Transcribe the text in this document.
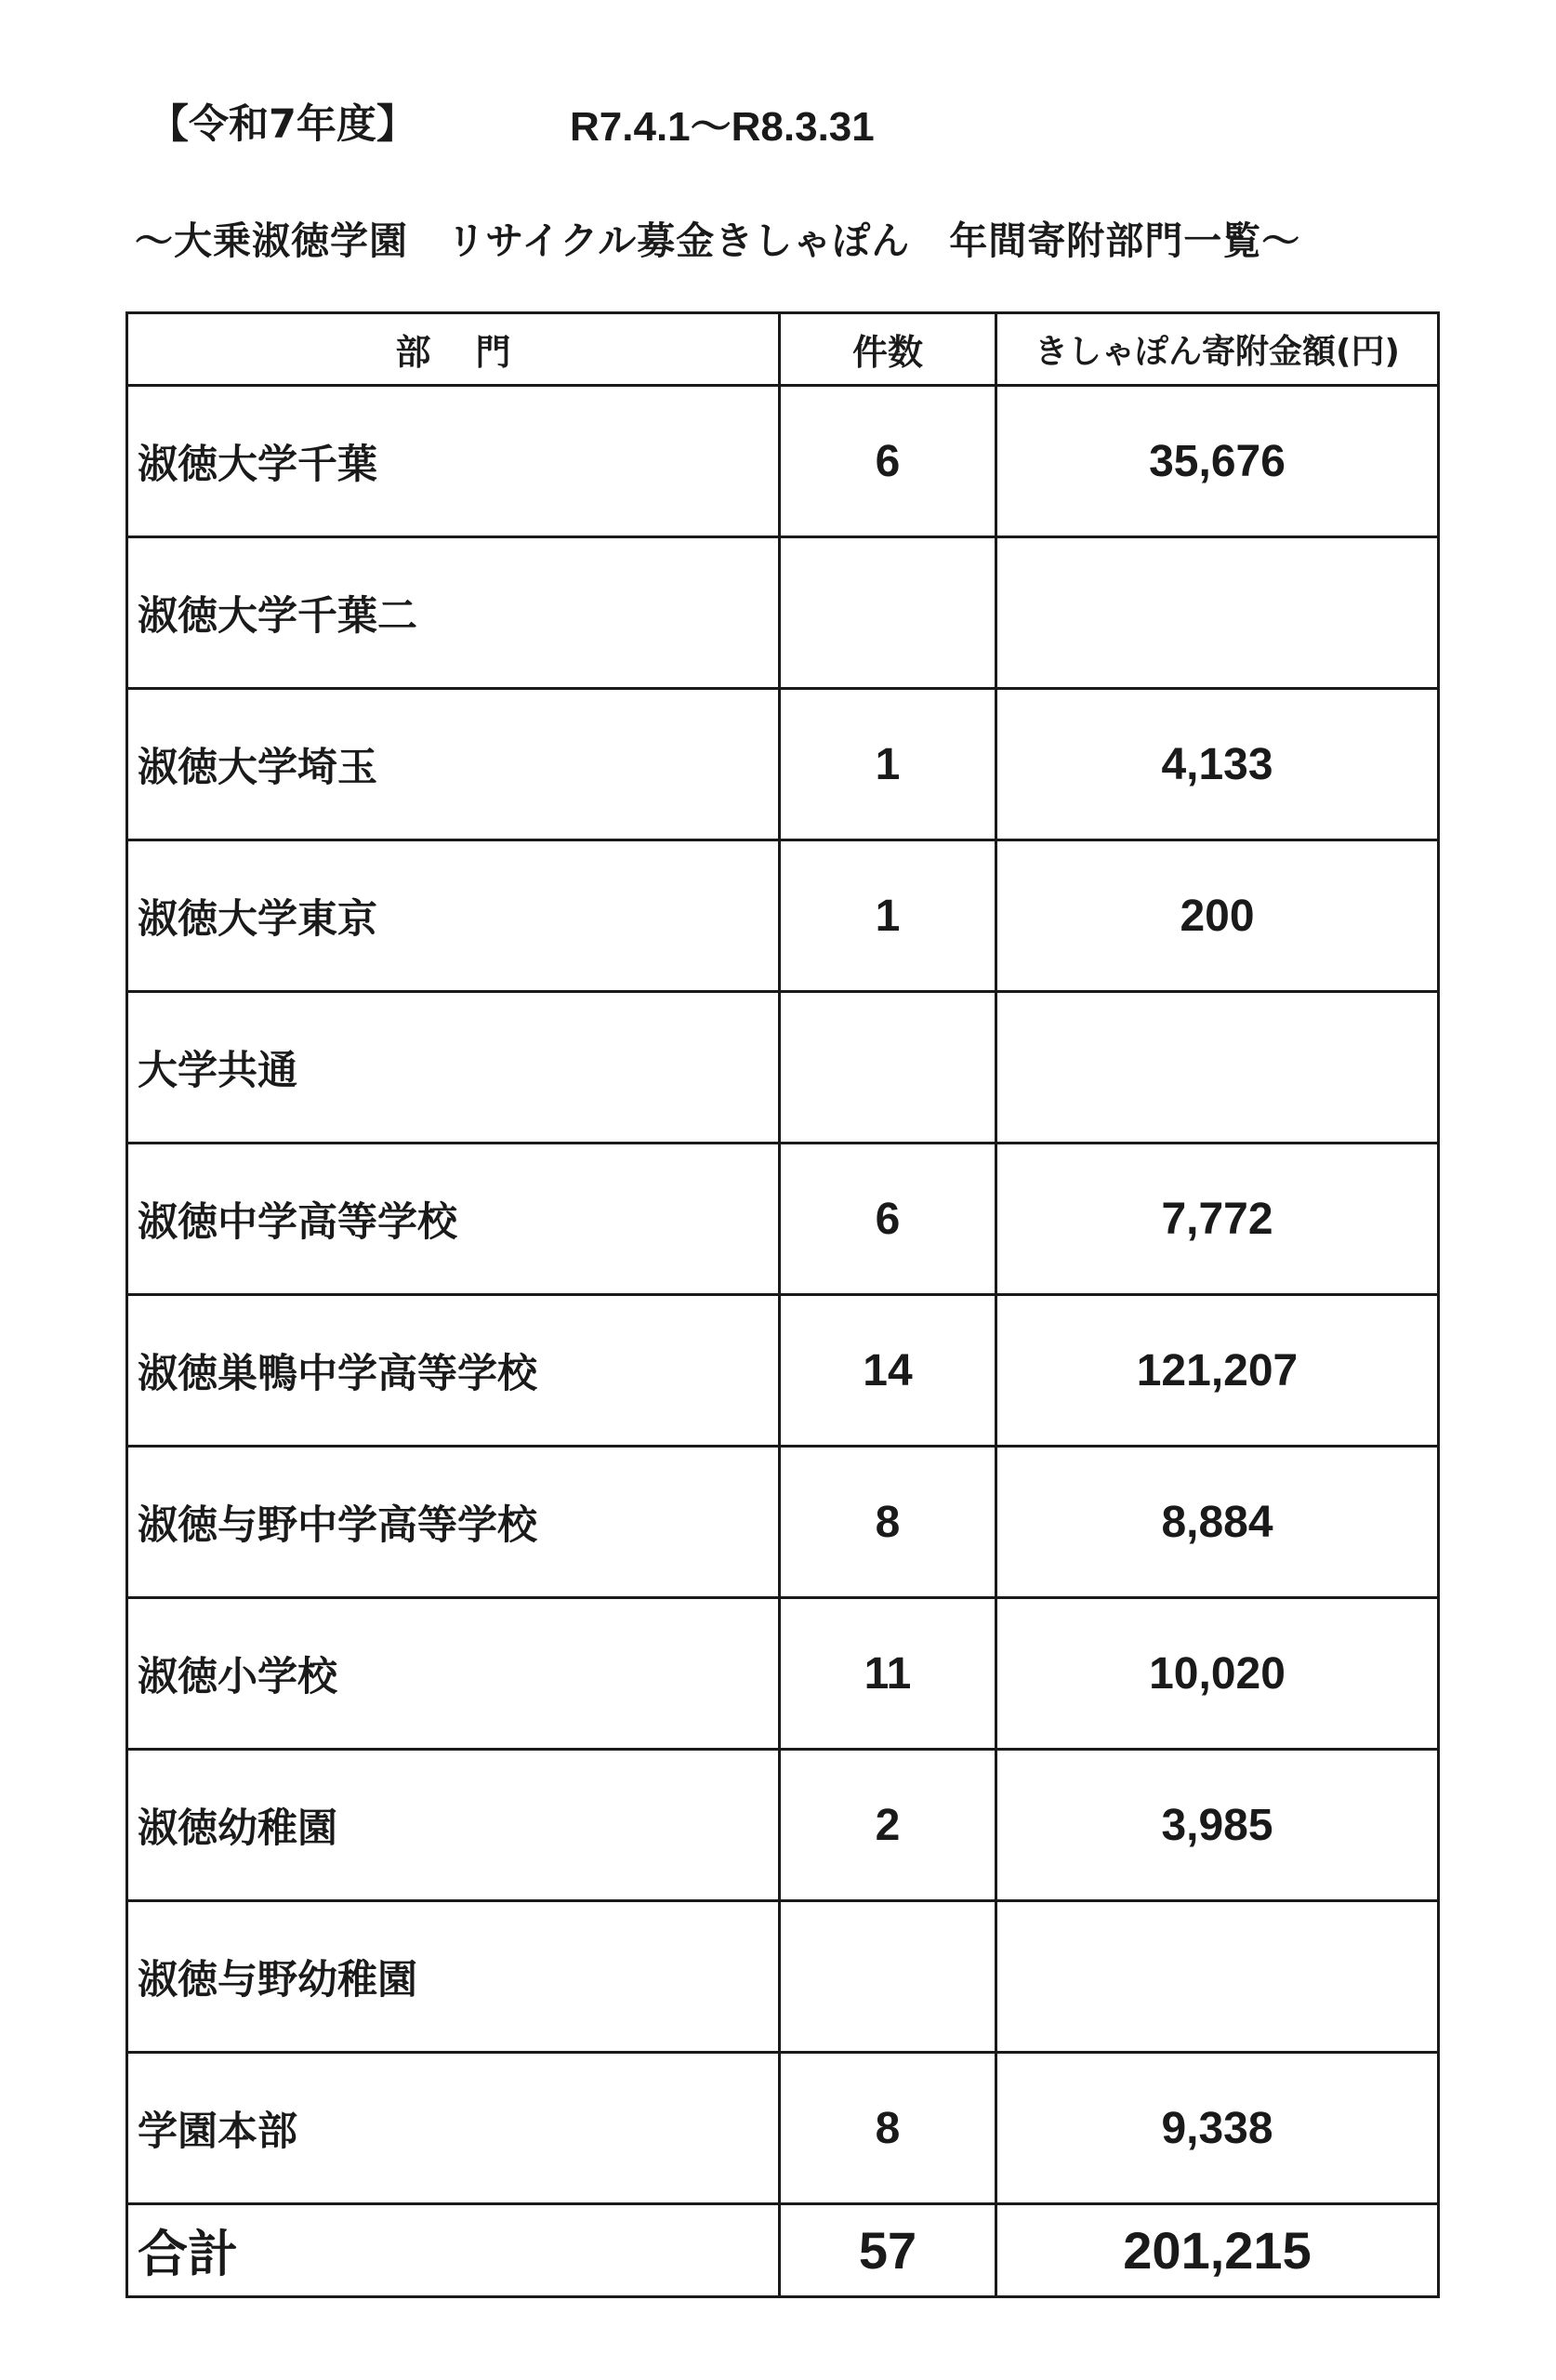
【令和7年度】	R7.4.1～R8.3.31
～大乗淑徳学園　リサイクル募金きしゃぽん　年間寄附部門一覧～
部門	件数	きしゃぽん寄附金額(円)
淑徳大学千葉	6	35,676
淑徳大学千葉二		
淑徳大学埼玉	1	4,133
淑徳大学東京	1	200
大学共通		
淑徳中学高等学校	6	7,772
淑徳巣鴨中学高等学校	14	121,207
淑徳与野中学高等学校	8	8,884
淑徳小学校	11	10,020
淑徳幼稚園	2	3,985
淑徳与野幼稚園		
学園本部	8	9,338
合計	57	201,215
